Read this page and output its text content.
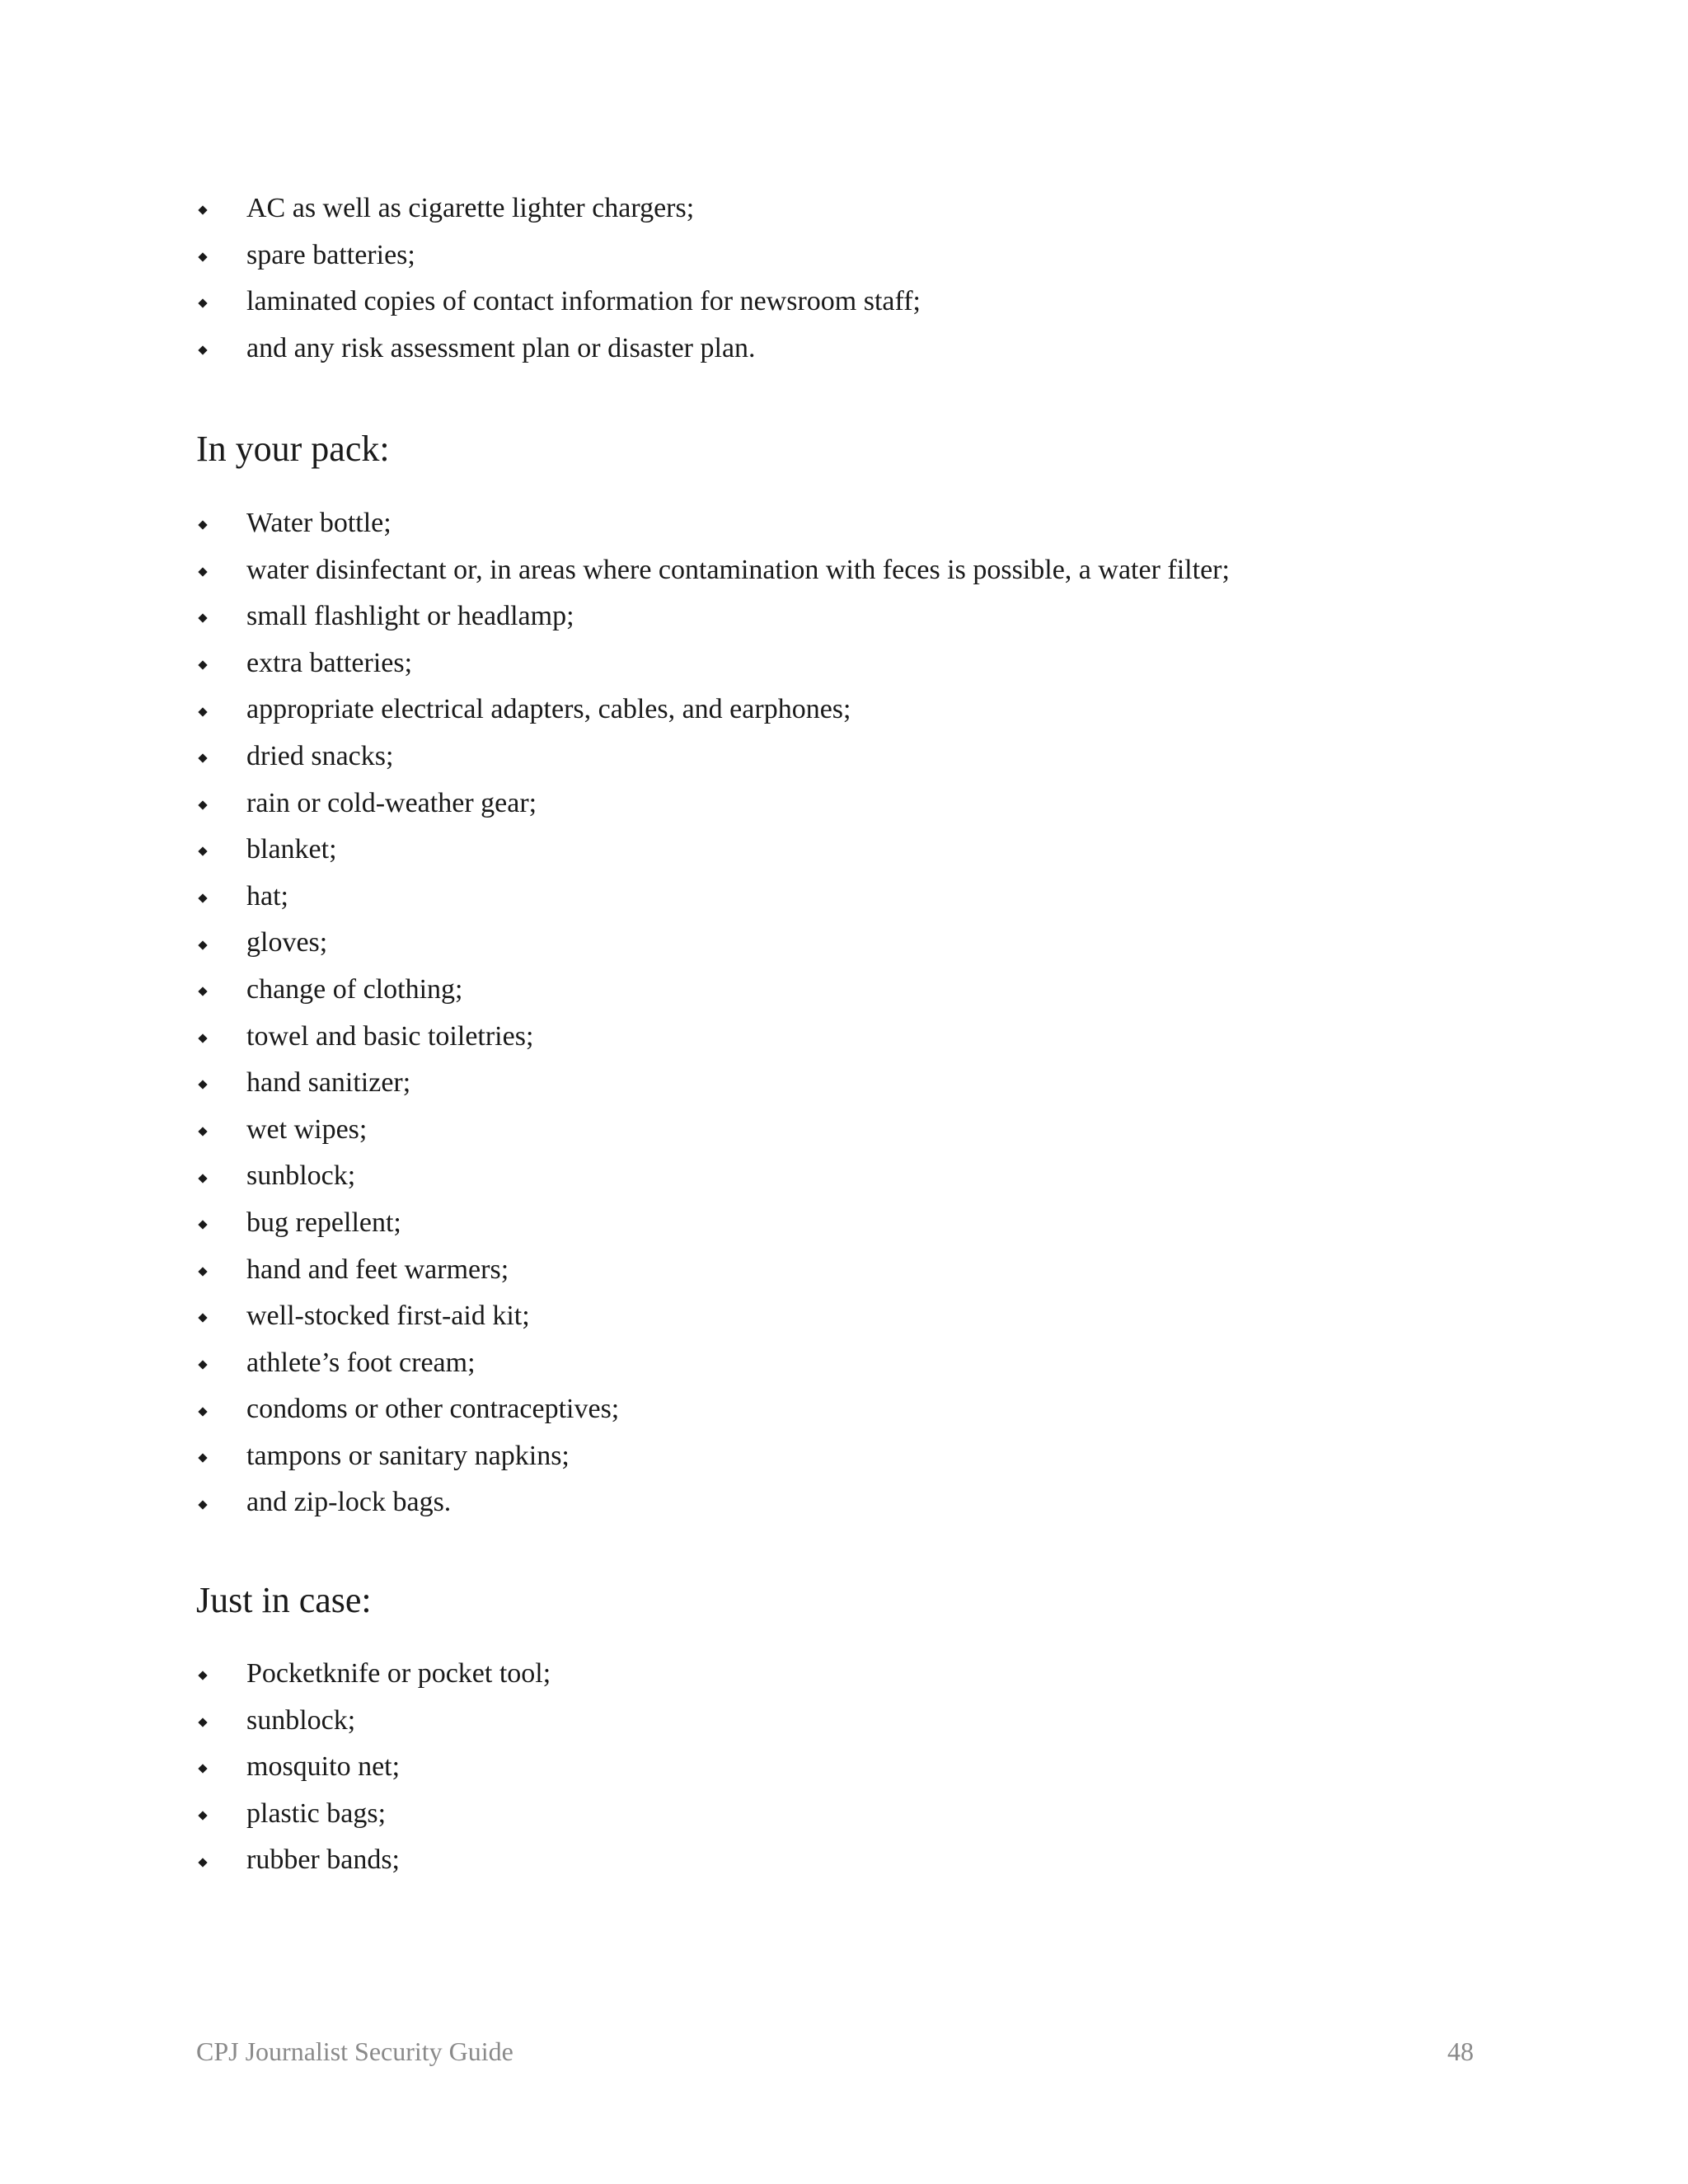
AC as well as cigarette lighter chargers;
spare batteries;
laminated copies of contact information for newsroom staff;
and any risk assessment plan or disaster plan.
In your pack:
Water bottle;
water disinfectant or, in areas where contamination with feces is possible, a water filter;
small flashlight or headlamp;
extra batteries;
appropriate electrical adapters, cables, and earphones;
dried snacks;
rain or cold-weather gear;
blanket;
hat;
gloves;
change of clothing;
towel and basic toiletries;
hand sanitizer;
wet wipes;
sunblock;
bug repellent;
hand and feet warmers;
well-stocked first-aid kit;
athlete’s foot cream;
condoms or other contraceptives;
tampons or sanitary napkins;
and zip-lock bags.
Just in case:
Pocketknife or pocket tool;
sunblock;
mosquito net;
plastic bags;
rubber bands;
CPJ Journalist Security Guide	48
